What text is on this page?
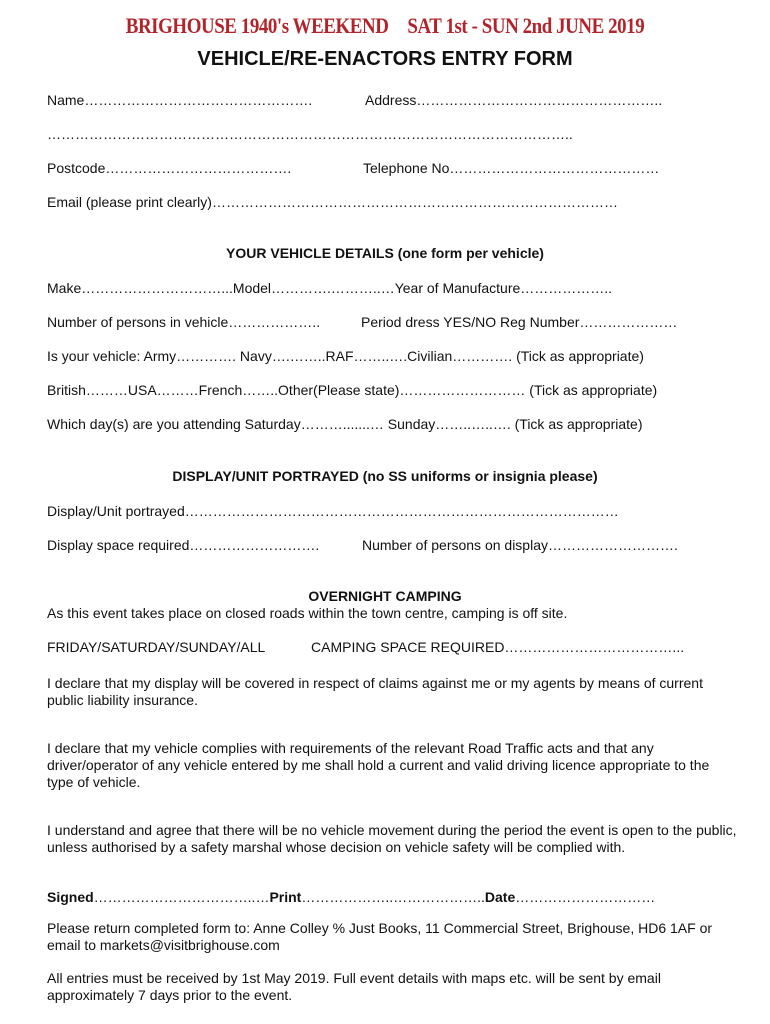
BRIGHOUSE 1940's WEEKEND SAT 1st - SUN 2nd JUNE 2019
VEHICLE/RE-ENACTORS ENTRY FORM
Name………………………………………….	Address……………………………………………..
…………………………………………………………………………………………………..
Postcode………………………………….	Telephone No………………………………………
Email (please print clearly)……………………………………………………………………………
YOUR VEHICLE DETAILS (one form per vehicle)
Make…………………………...Model………….………..…Year of Manufacture………………..
Number of persons in vehicle………………..	Period dress YES/NO Reg Number…………………
Is your vehicle: Army…………. Navy….……..RAF……..….Civilian…………. (Tick as appropriate)
British………USA………French……..Other(Please state)……………………… (Tick as appropriate)
Which day(s) are you attending Saturday……….......… Sunday……..…..…. (Tick as appropriate)
DISPLAY/UNIT PORTRAYED (no SS uniforms or insignia please)
Display/Unit portrayed…………………………………………………………………………………
Display space required……………………….	Number of persons on display……………………….
OVERNIGHT CAMPING
As this event takes place on closed roads within the town centre, camping is off site.
FRIDAY/SATURDAY/SUNDAY/ALL	CAMPING SPACE REQUIRED………………………………...
I declare that my display will be covered in respect of claims against me or my agents by means of current public liability insurance.
I declare that my vehicle complies with requirements of the relevant Road Traffic acts and that any driver/operator of any vehicle entered by me shall hold a current and valid driving licence appropriate to the type of vehicle.
I understand and agree that there will be no vehicle movement during the period the event is open to the public, unless authorised by a safety marshal whose decision on vehicle safety will be complied with.
Signed……………………………..…Print………………..………………..Date…………………………
Please return completed form to: Anne Colley % Just Books, 11 Commercial Street, Brighouse, HD6 1AF or email to markets@visitbrighouse.com
All entries must be received by 1st May 2019. Full event details with maps etc. will be sent by email approximately 7 days prior to the event.
